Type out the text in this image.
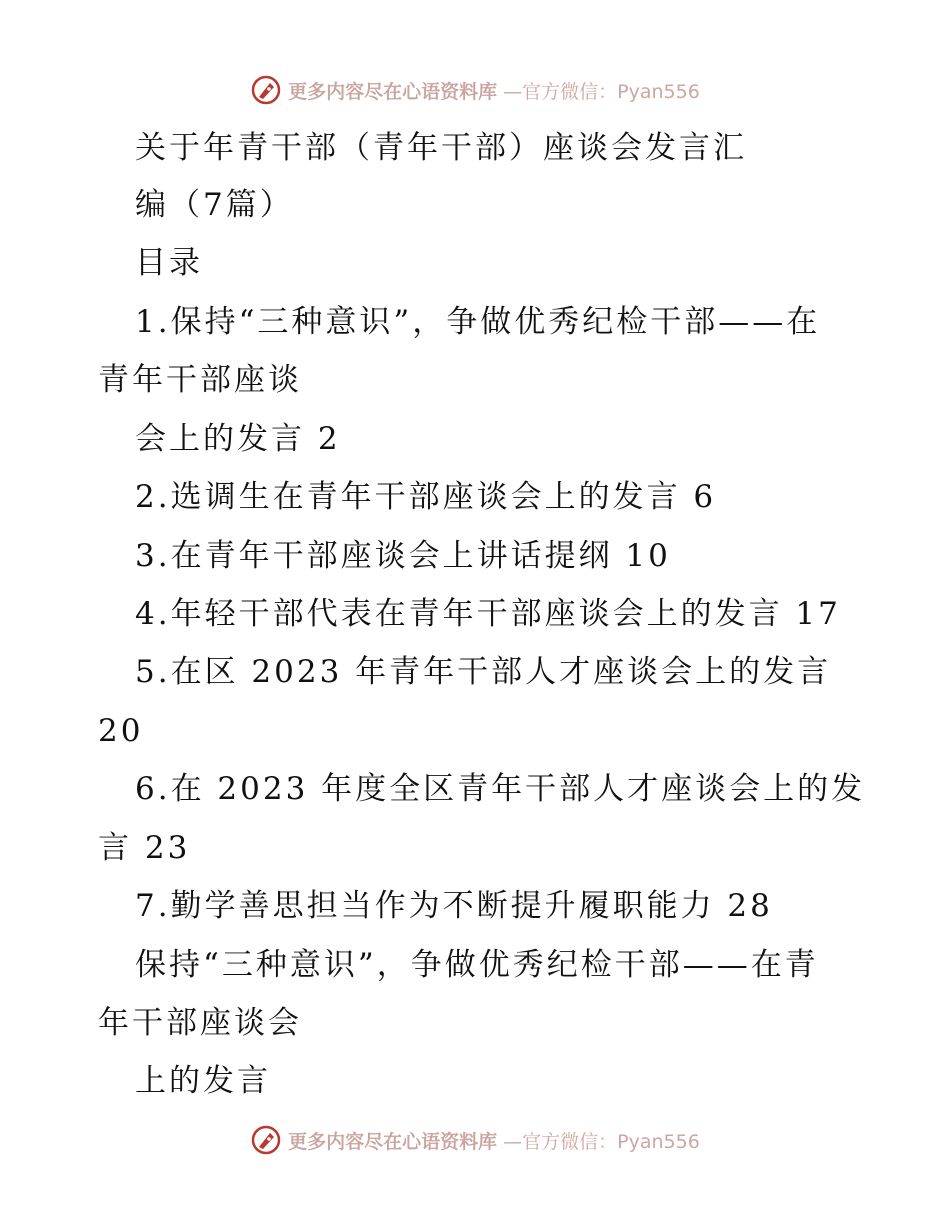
更多内容尽在心语资料库 —官方微信：Pyan556
关于年青干部（青年干部）座谈会发言汇
编（7篇）
目录
1.保持“三种意识”，争做优秀纪检干部——在
青年干部座谈
会上的发言 2
2.选调生在青年干部座谈会上的发言 6
3.在青年干部座谈会上讲话提纲 10
4.年轻干部代表在青年干部座谈会上的发言 17
5.在区 2023 年青年干部人才座谈会上的发言
20
6.在 2023 年度全区青年干部人才座谈会上的发
言 23
7.勤学善思担当作为不断提升履职能力 28
保持“三种意识”，争做优秀纪检干部——在青
年干部座谈会
上的发言
更多内容尽在心语资料库 —官方微信：Pyan556
